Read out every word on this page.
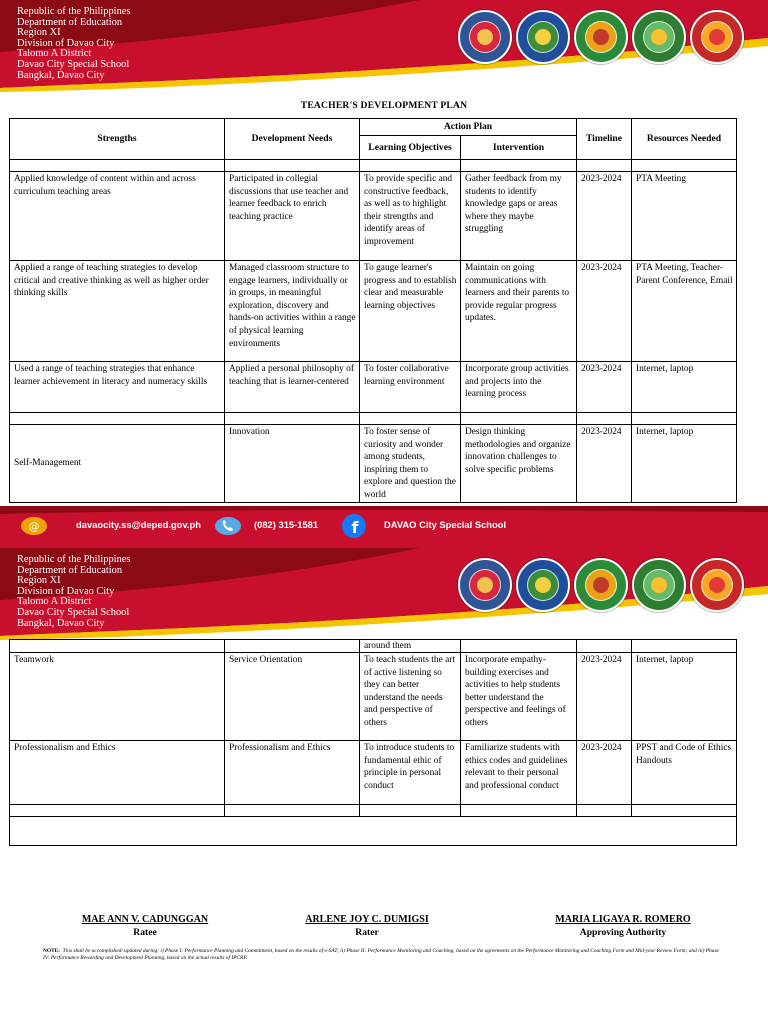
Republic of the Philippines
Department of Education
Region XI
Division of Davao City
Talomo A District
Davao City Special School
Bangkal, Davao City
TEACHER'S DEVELOPMENT PLAN
Strengths	Development Needs	Action Plan		Timeline	Resources Needed
		Learning Objectives	Intervention		

Applied knowledge of content within and across curriculum teaching areas	Participated in collegial discussions that use teacher and learner feedback to enrich teaching practice	To provide specific and constructive feedback, as well as to highlight their strengths and identify areas of improvement	Gather feedback from my students to identify knowledge gaps or areas where they maybe struggling	2023-2024	PTA Meeting
Applied a range of teaching strategies to develop critical and creative thinking as well as higher order thinking skills	Managed classroom structure to engage learners, individually or in groups, in meaningful exploration, discovery and hands-on activities within a range of physical learning environments	To gauge learner's progress and to establish clear and measurable learning objectives	Maintain on going communications with learners and their parents to provide regular progress updates.	2023-2024	PTA Meeting, Teacher-Parent Conference, Email
Used a range of teaching strategies that enhance learner achievement in literacy and numeracy skills	Applied a personal philosophy of teaching that is learner-centered	To foster collaborative learning environment	Incorporate group activities and projects into the learning process	2023-2024	Internet, laptop

Self-Management	Innovation	To foster sense of curiosity and wonder among students, inspiring them to explore and question the world	Design thinking methodologies and organize innovation challenges to solve specific problems	2023-2024	Internet, laptop
@	davaocity.ss@deped.gov.ph	(082) 315-1581 f	DAVAO City Special School
Republic of the Philippines
Department of Education
Region XI
Division of Davao City
Talomo A District
Davao City Special School
Bangkal, Davao City
		around them			
Teamwork	Service Orientation	To teach students the art of active listening so they can better understand the needs and perspective of others	Incorporate empathy-building exercises and activities to help students better understand the perspective and feelings of others	2023-2024	Internet, laptop
Professionalism and Ethics	Professionalism and Ethics	To introduce students to fundamental ethic of principle in personal conduct	Familiarize students with ethics codes and guidelines relevant to their personal and professional conduct	2023-2024	PPST and Code of Ethics Handouts

MAE ANN V. CADUNGGAN
Ratee
ARLENE JOY C. DUMIGSI
Rater
MARIA LIGAYA R. ROMERO
Approving Authority
NOTE: This shall be accomplished/ updated during: i) Phase I: Performance Planning and Commitment, based on the results of e-SAT; ii) Phase II: Performance Monitoring and Coaching, based on the agreements on the Performance Monitoring and Coaching Form and Mid-year Review Form; and iii) Phase IV: Performance Rewarding and Development Planning, based on the actual results of IPCRF.
